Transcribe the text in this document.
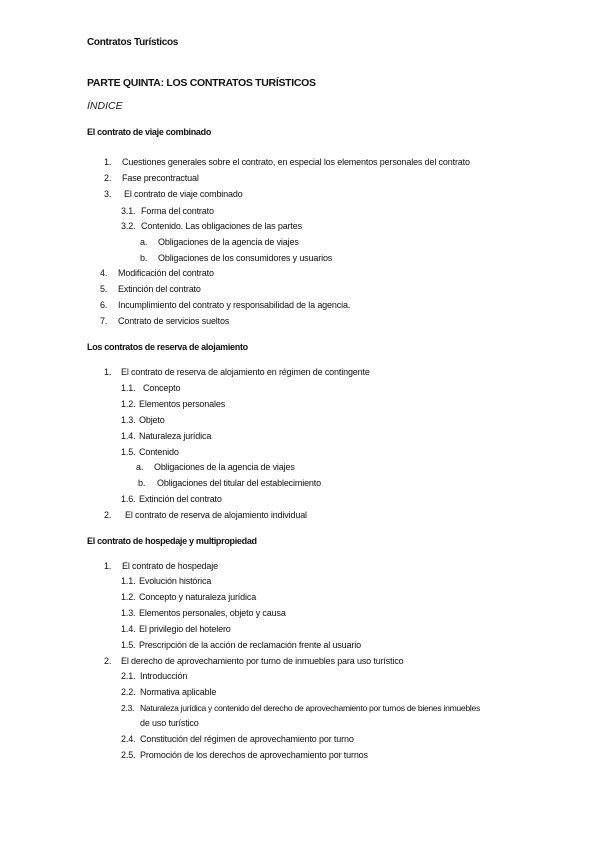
Contratos Turísticos
PARTE QUINTA: LOS CONTRATOS TURÍSTICOS
ÍNDICE
El contrato de viaje combinado
1. Cuestiones generales sobre el contrato, en especial los elementos personales del contrato
2. Fase precontractual
3. El contrato de viaje combinado
3.1. Forma del contrato
3.2. Contenido. Las obligaciones de las partes
a. Obligaciones de la agencia de viajes
b. Obligaciones de los consumidores y usuarios
4. Modificación del contrato
5. Extinción del contrato
6. Incumplimiento del contrato y responsabilidad de la agencia.
7. Contrato de servicios sueltos
Los contratos de reserva de alojamiento
1. El contrato de reserva de alojamiento en régimen de contingente
1.1. Concepto
1.2. Elementos personales
1.3. Objeto
1.4. Naturaleza jurídica
1.5. Contenido
a. Obligaciones de la agencia de viajes
b. Obligaciones del titular del establecimiento
1.6. Extinción del contrato
2. El contrato de reserva de alojamiento individual
El contrato de hospedaje y multipropiedad
1. El contrato de hospedaje
1.1. Evolución histórica
1.2. Concepto y naturaleza jurídica
1.3. Elementos personales, objeto y causa
1.4. El privilegio del hotelero
1.5. Prescripción de la acción de reclamación frente al usuario
2. El derecho de aprovechamiento por turno de inmuebles para uso turístico
2.1. Introducción
2.2. Normativa aplicable
2.3. Naturaleza jurídica y contenido del derecho de aprovechamiento por turnos de bienes inmuebles
de uso turístico
2.4. Constitución del régimen de aprovechamiento por turno
2.5. Promoción de los derechos de aprovechamiento por turnos
